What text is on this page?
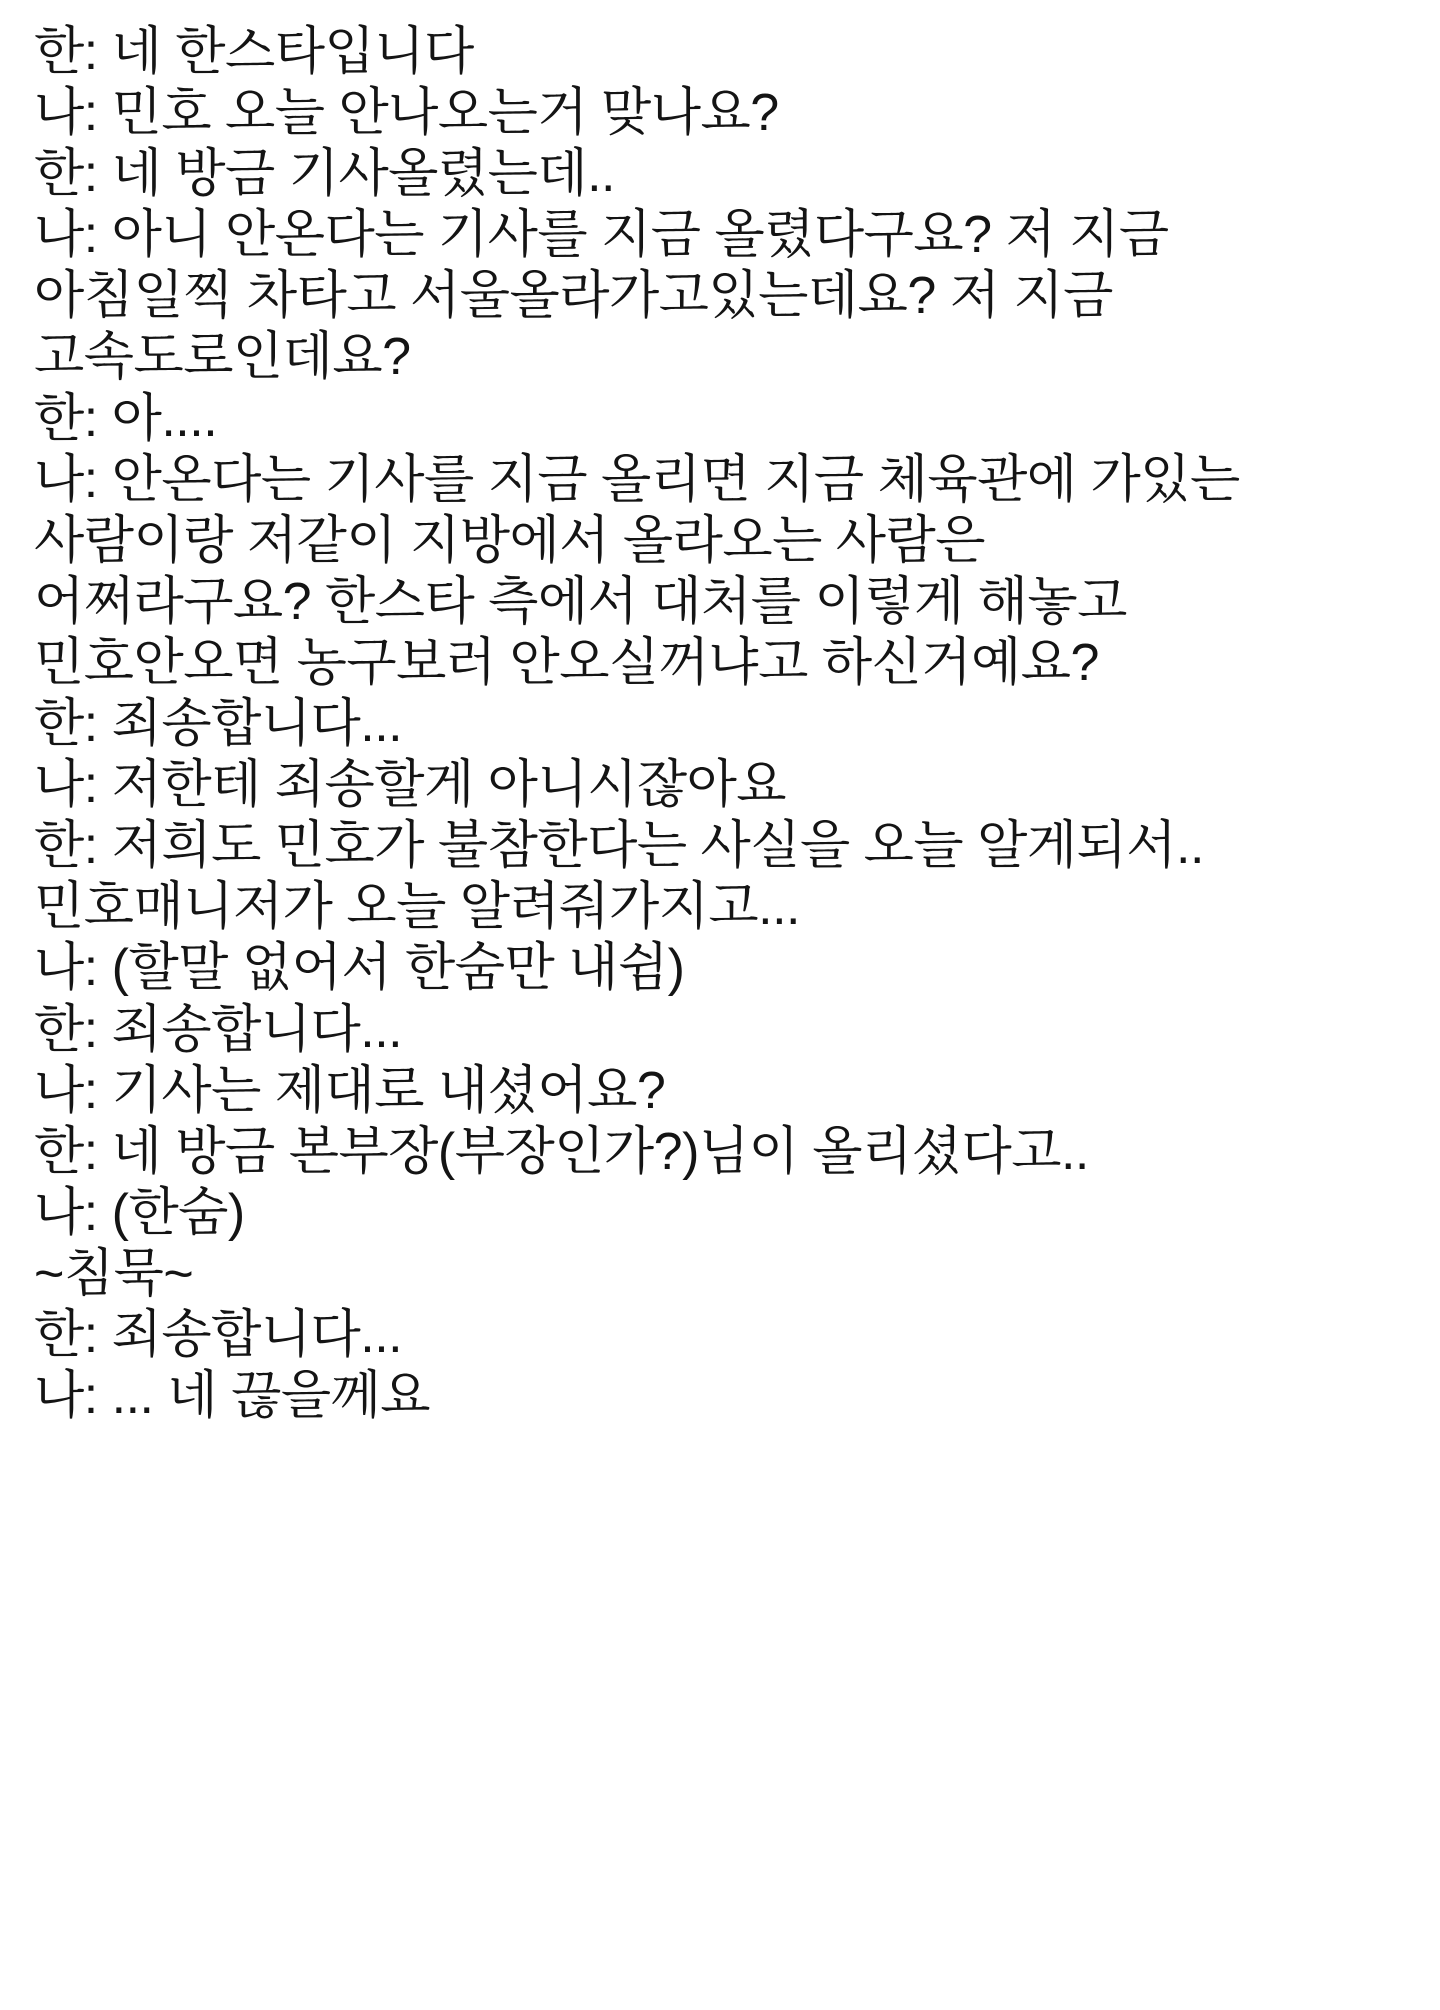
한: 네 한스타입니다
나: 민호 오늘 안나오는거 맞나요?
한: 네 방금 기사올렸는데..
나: 아니 안온다는 기사를 지금 올렸다구요? 저 지금
아침일찍 차타고 서울올라가고있는데요? 저 지금
고속도로인데요?
한: 아....
나: 안온다는 기사를 지금 올리면 지금 체육관에 가있는
사람이랑 저같이 지방에서 올라오는 사람은
어쩌라구요? 한스타 측에서 대처를 이렇게 해놓고
민호안오면 농구보러 안오실꺼냐고 하신거예요?
한: 죄송합니다...
나: 저한테 죄송할게 아니시잖아요
한: 저희도 민호가 불참한다는 사실을 오늘 알게되서..
민호매니저가 오늘 알려줘가지고...
나: (할말 없어서 한숨만 내쉼)
한: 죄송합니다...
나: 기사는 제대로 내셨어요?
한: 네 방금 본부장(부장인가?)님이 올리셨다고..
나: (한숨)
~침묵~
한: 죄송합니다...
나: ... 네 끊을께요
